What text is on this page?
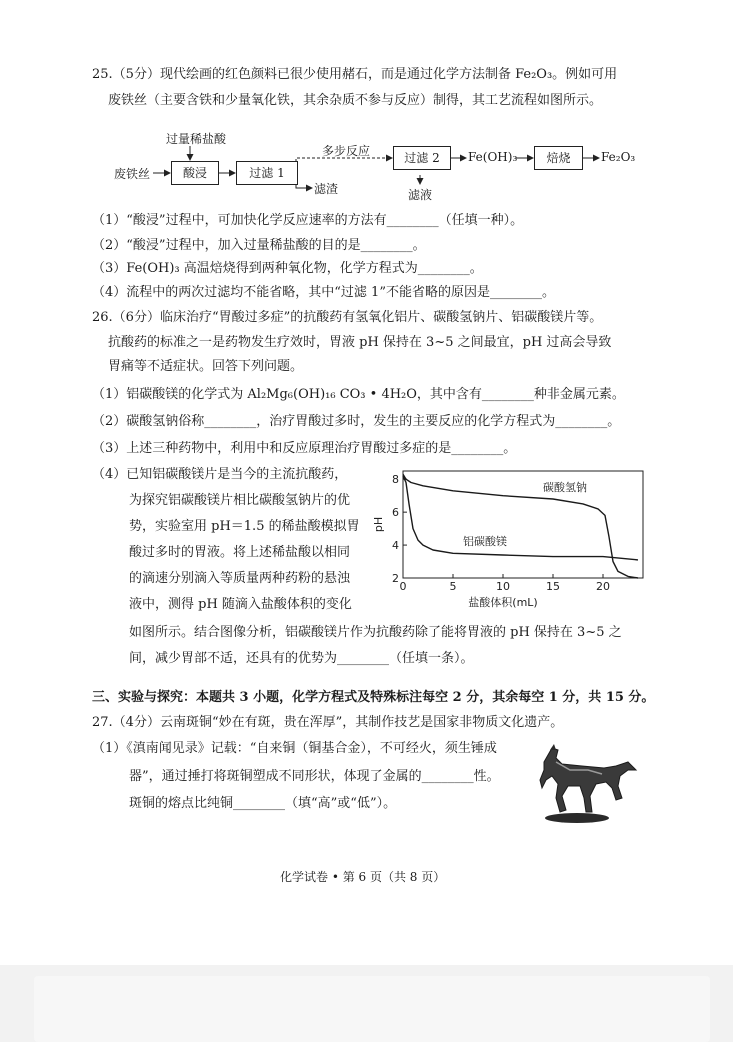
25.（5分）现代绘画的红色颜料已很少使用赭石，而是通过化学方法制备 Fe₂O₃。例如可用
废铁丝（主要含铁和少量氧化铁，其余杂质不参与反应）制得，其工艺流程如图所示。
过量稀盐酸
废铁丝	酸浸	过滤 1
滤渣
多步反应	过滤 2
滤液
Fe(OH)₃	焙烧	Fe₂O₃
（1）“酸浸”过程中，可加快化学反应速率的方法有________（任填一种）。
（2）“酸浸”过程中，加入过量稀盐酸的目的是________。
（3）Fe(OH)₃ 高温焙烧得到两种氧化物，化学方程式为________。
（4）流程中的两次过滤均不能省略，其中“过滤 1”不能省略的原因是________。
26.（6分）临床治疗“胃酸过多症”的抗酸药有氢氧化铝片、碳酸氢钠片、铝碳酸镁片等。
抗酸药的标准之一是药物发生疗效时，胃液 pH 保持在 3~5 之间最宜，pH 过高会导致
胃痛等不适症状。回答下列问题。
（1）铝碳酸镁的化学式为 Al₂Mg₆(OH)₁₆ CO₃ • 4H₂O，其中含有________种非金属元素。
（2）碳酸氢钠俗称________，治疗胃酸过多时，发生的主要反应的化学方程式为________。
（3）上述三种药物中，利用中和反应原理治疗胃酸过多症的是________。
（4）已知铝碳酸镁片是当今的主流抗酸药，
为探究铝碳酸镁片相比碳酸氢钠片的优
势，实验室用 pH＝1.5 的稀盐酸模拟胃
酸过多时的胃液。将上述稀盐酸以相同
的滴速分别滴入等质量两种药粉的悬浊
液中，测得 pH 随滴入盐酸体积的变化
如图所示。结合图像分析，铝碳酸镁片作为抗酸药除了能将胃液的 pH 保持在 3~5 之
间，减少胃部不适，还具有的优势为________（任填一条）。
0	5	10	15	20
2
4
6
8
盐酸体积(mL)
pH
碳酸氢钠
铝碳酸镁
三、实验与探究：本题共 3 小题，化学方程式及特殊标注每空 2 分，其余每空 1 分，共 15 分。
27.（4分）云南斑铜“妙在有斑，贵在浑厚”，其制作技艺是国家非物质文化遗产。
（1）《滇南闻见录》记载：“自来铜（铜基合金），不可经火，须生锤成
器”，通过捶打将斑铜塑成不同形状，体现了金属的________性。
斑铜的熔点比纯铜________（填“高”或“低”）。
化学试卷 • 第 6 页（共 8 页）
